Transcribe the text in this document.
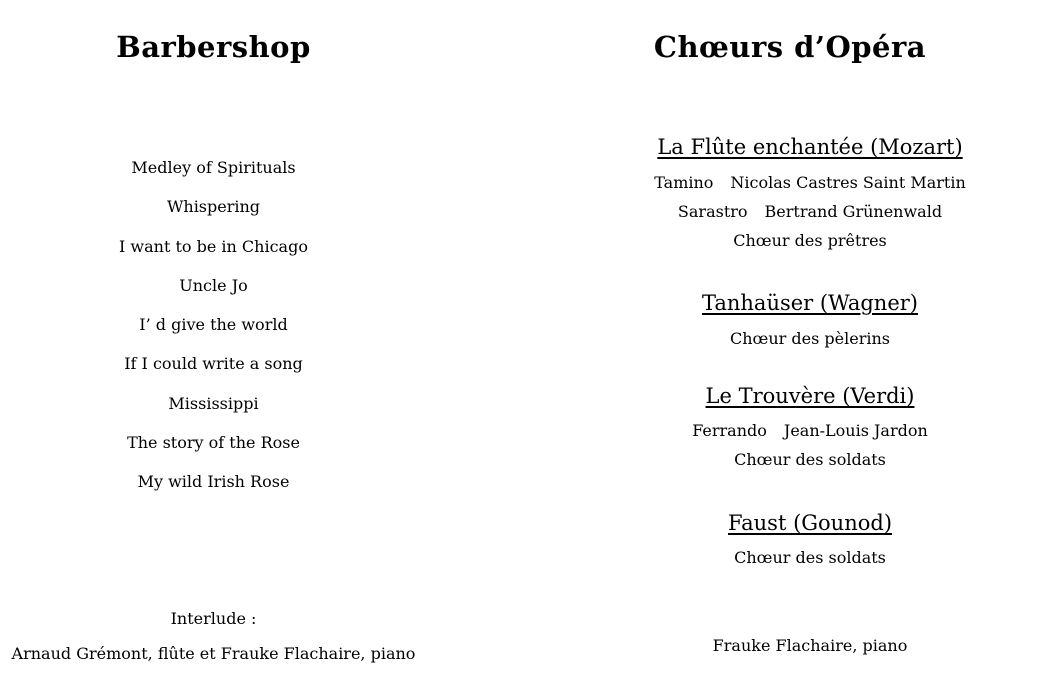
Barbershop
Medley of Spirituals
Whispering
I want to be in Chicago
Uncle Jo
I’ d give the world
If I could write a song
Mississippi
The story of the Rose
My wild Irish Rose
Interlude :
Arnaud Grémont, flûte et Frauke Flachaire, piano
Chœurs d’Opéra
La Flûte enchantée (Mozart)
Tamino Nicolas Castres Saint Martin
Sarastro Bertrand Grünenwald
Chœur des prêtres
Tanhaüser (Wagner)
Chœur des pèlerins
Le Trouvère (Verdi)
Ferrando Jean-Louis Jardon
Chœur des soldats
Faust (Gounod)
Chœur des soldats
Frauke Flachaire, piano
